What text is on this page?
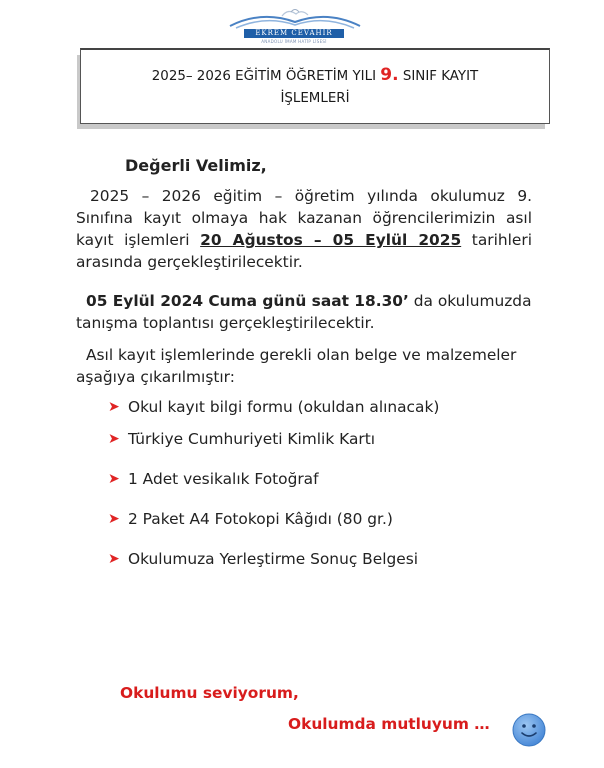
EKREM CEVAHİR
ANADOLU İMAM HATİP LİSESİ
2025– 2026 EĞİTİM ÖĞRETİM YILI 9. SINIF KAYIT
İŞLEMLERİ
Değerli Velimiz,
2025 – 2026 eğitim – öğretim yılında okulumuz 9.
Sınıfına kayıt olmaya hak kazanan öğrencilerimizin asıl
kayıt işlemleri 20 Ağustos – 05 Eylül 2025 tarihleri
arasında gerçekleştirilecektir.
05 Eylül 2024 Cuma günü saat 18.30’ da okulumuzda
tanışma toplantısı gerçekleştirilecektir.
Asıl kayıt işlemlerinde gerekli olan belge ve malzemeler
aşağıya çıkarılmıştır:
➤ Okul kayıt bilgi formu (okuldan alınacak)
➤ Türkiye Cumhuriyeti Kimlik Kartı
➤ 1 Adet vesikalık Fotoğraf
➤ 2 Paket A4 Fotokopi Kâğıdı (80 gr.)
➤ Okulumuza Yerleştirme Sonuç Belgesi
Okulumu seviyorum,
Okulumda mutluyum …
